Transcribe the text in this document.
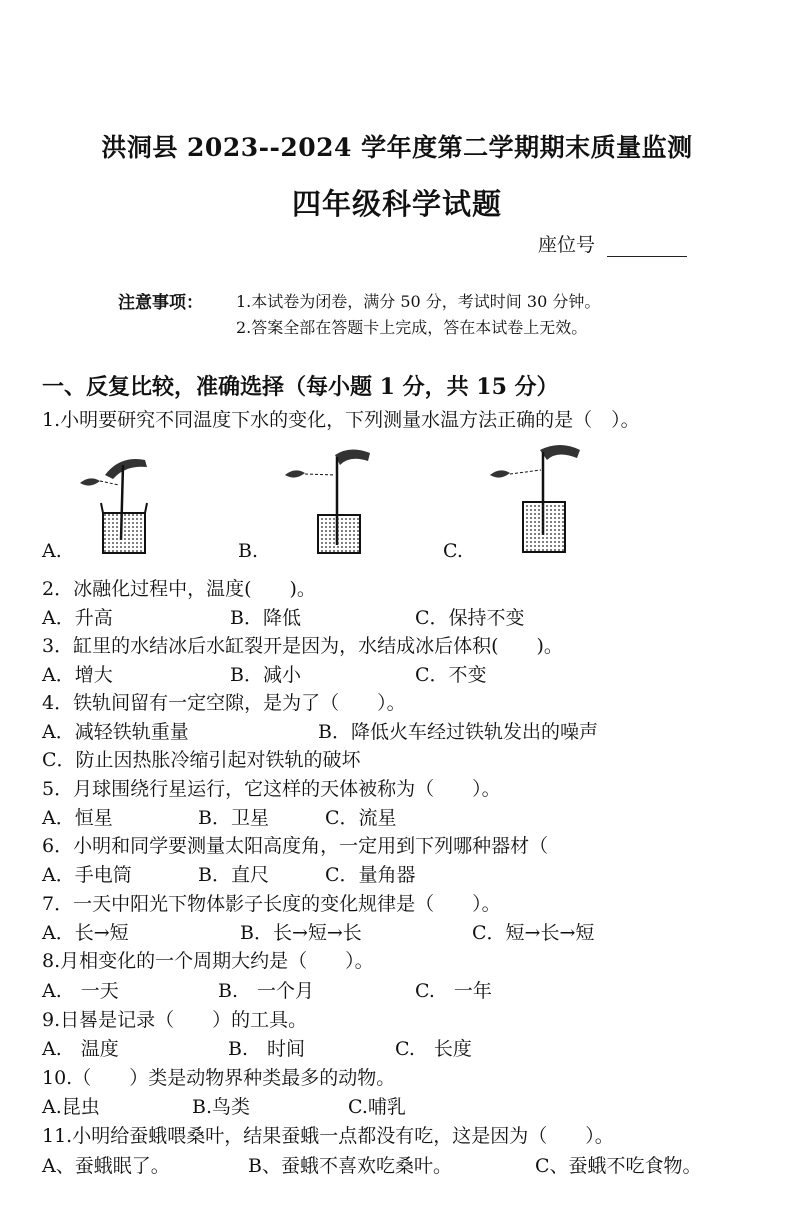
洪洞县 2023--2024 学年度第二学期期末质量监测
四年级科学试题
座位号
注意事项： 1.本试卷为闭卷，满分 50 分，考试时间 30 分钟。
2.答案全部在答题卡上完成，答在本试卷上无效。
一、反复比较，准确选择（每小题 1 分，共 15 分）
1.小明要研究不同温度下水的变化，下列测量水温方法正确的是（　）。
A.	B.	C.
2．冰融化过程中，温度(　　)。
A．升高	B．降低	C．保持不变
3．缸里的水结冰后水缸裂开是因为，水结成冰后体积(　　)。
A．增大	B．减小	C．不变
4．铁轨间留有一定空隙，是为了（　　）。
A．减轻铁轨重量	B．降低火车经过铁轨发出的噪声
C．防止因热胀冷缩引起对铁轨的破坏
5．月球围绕行星运行，它这样的天体被称为（　　）。
A．恒星	B．卫星	C．流星
6．小明和同学要测量太阳高度角，一定用到下列哪种器材（
A．手电筒	B．直尺	C．量角器
7．一天中阳光下物体影子长度的变化规律是（　　）。
A．长→短	B．长→短→长	C．短→长→短
8.月相变化的一个周期大约是（　　）。
A.　一天	B.　一个月	C.　一年
9.日晷是记录（　　）的工具。
A.　温度	B.　时间	C.　长度
10.（　　）类是动物界种类最多的动物。
A.昆虫	B.鸟类	C.哺乳
11.小明给蚕蛾喂桑叶，结果蚕蛾一点都没有吃，这是因为（　　）。
A、蚕蛾眠了。	B、蚕蛾不喜欢吃桑叶。	C、蚕蛾不吃食物。
